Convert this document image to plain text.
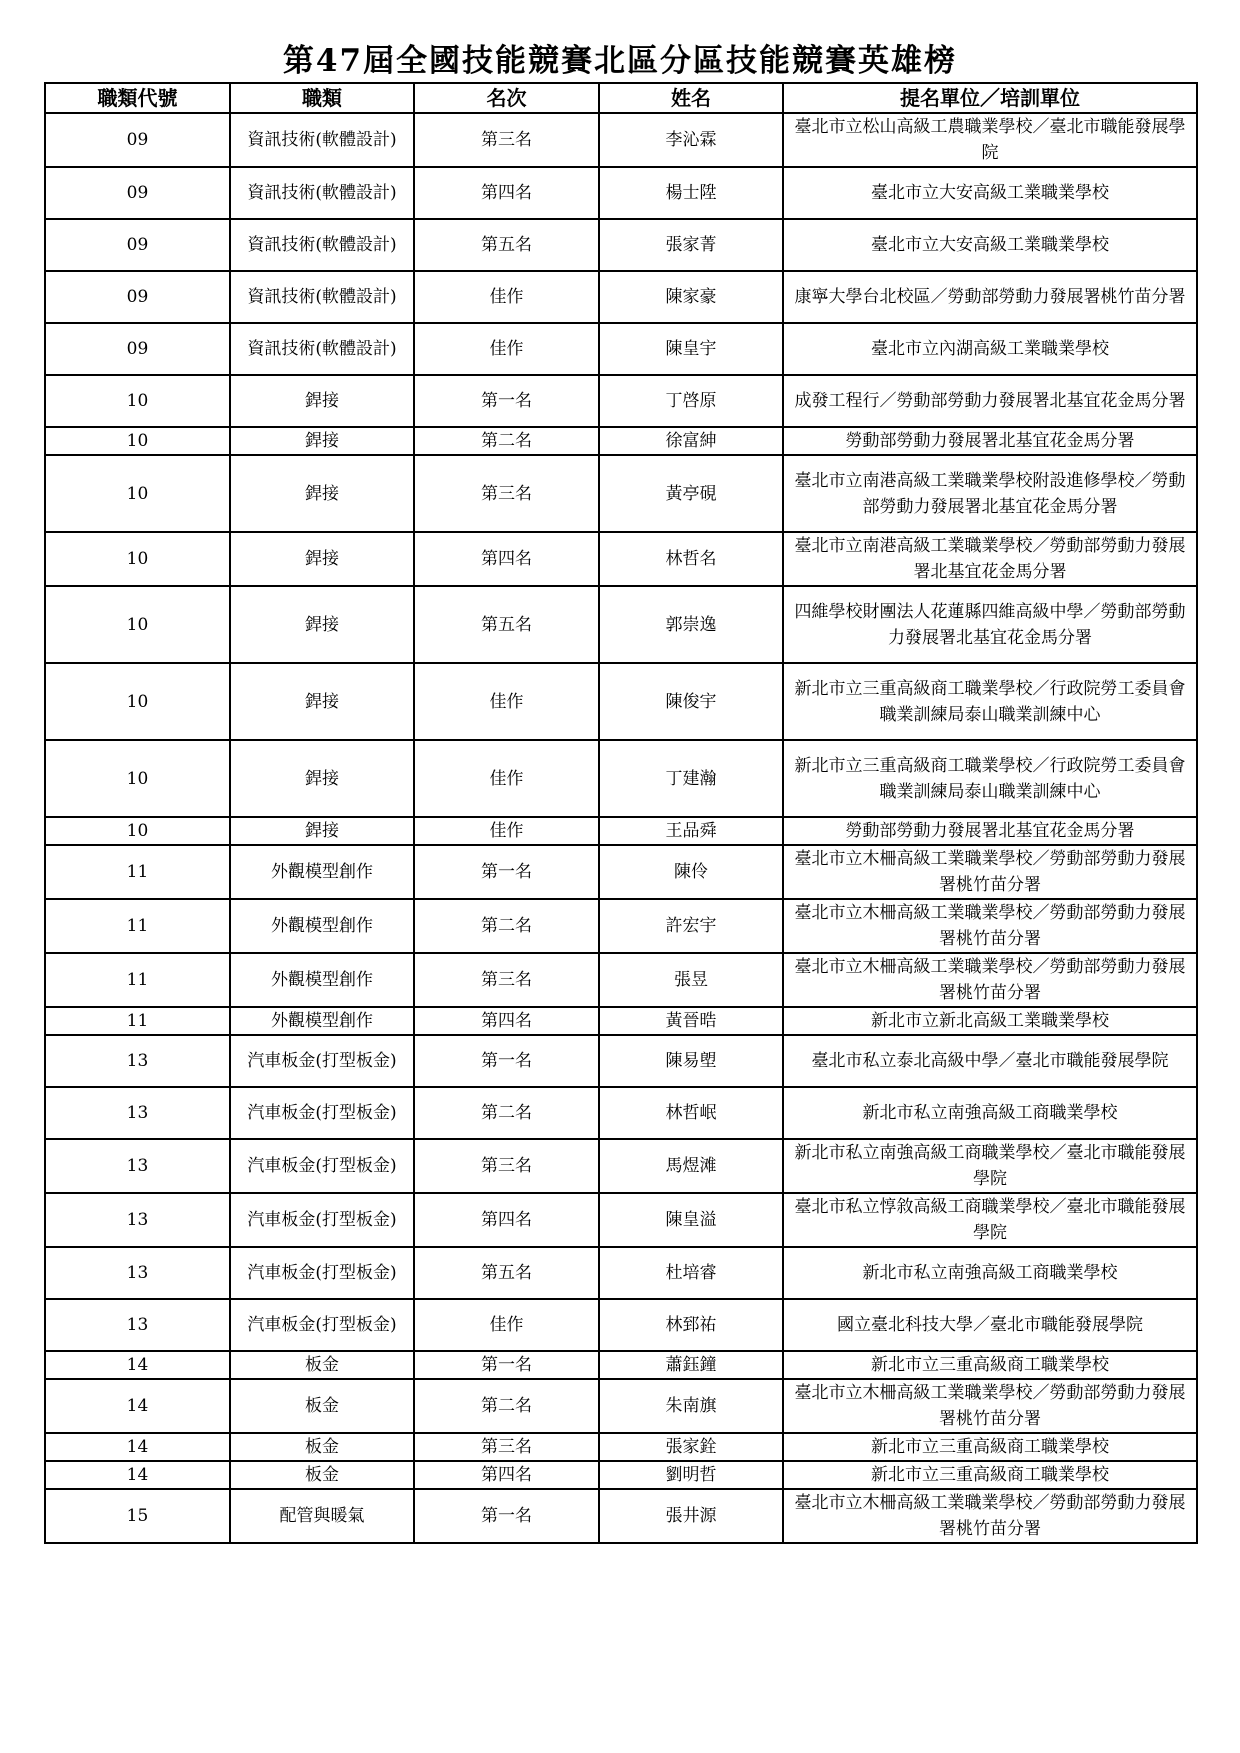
第47屆全國技能競賽北區分區技能競賽英雄榜
職類代號	職類	名次	姓名	提名單位／培訓單位
09	資訊技術(軟體設計)	第三名	李沁霖	臺北市立松山高級工農職業學校／臺北市職能發展學院
09	資訊技術(軟體設計)	第四名	楊士陞	臺北市立大安高級工業職業學校
09	資訊技術(軟體設計)	第五名	張家菁	臺北市立大安高級工業職業學校
09	資訊技術(軟體設計)	佳作	陳家豪	康寧大學台北校區／勞動部勞動力發展署桃竹苗分署
09	資訊技術(軟體設計)	佳作	陳皇宇	臺北市立內湖高級工業職業學校
10	銲接	第一名	丁啓原	成發工程行／勞動部勞動力發展署北基宜花金馬分署
10	銲接	第二名	徐富紳	勞動部勞動力發展署北基宜花金馬分署
10	銲接	第三名	黃亭硯	臺北市立南港高級工業職業學校附設進修學校／勞動部勞動力發展署北基宜花金馬分署
10	銲接	第四名	林哲名	臺北市立南港高級工業職業學校／勞動部勞動力發展署北基宜花金馬分署
10	銲接	第五名	郭崇逸	四維學校財團法人花蓮縣四維高級中學／勞動部勞動力發展署北基宜花金馬分署
10	銲接	佳作	陳俊宇	新北市立三重高級商工職業學校／行政院勞工委員會職業訓練局泰山職業訓練中心
10	銲接	佳作	丁建瀚	新北市立三重高級商工職業學校／行政院勞工委員會職業訓練局泰山職業訓練中心
10	銲接	佳作	王品舜	勞動部勞動力發展署北基宜花金馬分署
11	外觀模型創作	第一名	陳伶	臺北市立木柵高級工業職業學校／勞動部勞動力發展署桃竹苗分署
11	外觀模型創作	第二名	許宏宇	臺北市立木柵高級工業職業學校／勞動部勞動力發展署桃竹苗分署
11	外觀模型創作	第三名	張昱	臺北市立木柵高級工業職業學校／勞動部勞動力發展署桃竹苗分署
11	外觀模型創作	第四名	黃晉晧	新北市立新北高級工業職業學校
13	汽車板金(打型板金)	第一名	陳易塱	臺北市私立泰北高級中學／臺北市職能發展學院
13	汽車板金(打型板金)	第二名	林哲岷	新北市私立南強高級工商職業學校
13	汽車板金(打型板金)	第三名	馬煜滩	新北市私立南強高級工商職業學校／臺北市職能發展學院
13	汽車板金(打型板金)	第四名	陳皇溢	臺北市私立惇敘高級工商職業學校／臺北市職能發展學院
13	汽車板金(打型板金)	第五名	杜培睿	新北市私立南強高級工商職業學校
13	汽車板金(打型板金)	佳作	林郅祐	國立臺北科技大學／臺北市職能發展學院
14	板金	第一名	蕭鈺鐘	新北市立三重高級商工職業學校
14	板金	第二名	朱南旗	臺北市立木柵高級工業職業學校／勞動部勞動力發展署桃竹苗分署
14	板金	第三名	張家銓	新北市立三重高級商工職業學校
14	板金	第四名	劉明哲	新北市立三重高級商工職業學校
15	配管與暖氣	第一名	張井源	臺北市立木柵高級工業職業學校／勞動部勞動力發展署桃竹苗分署
